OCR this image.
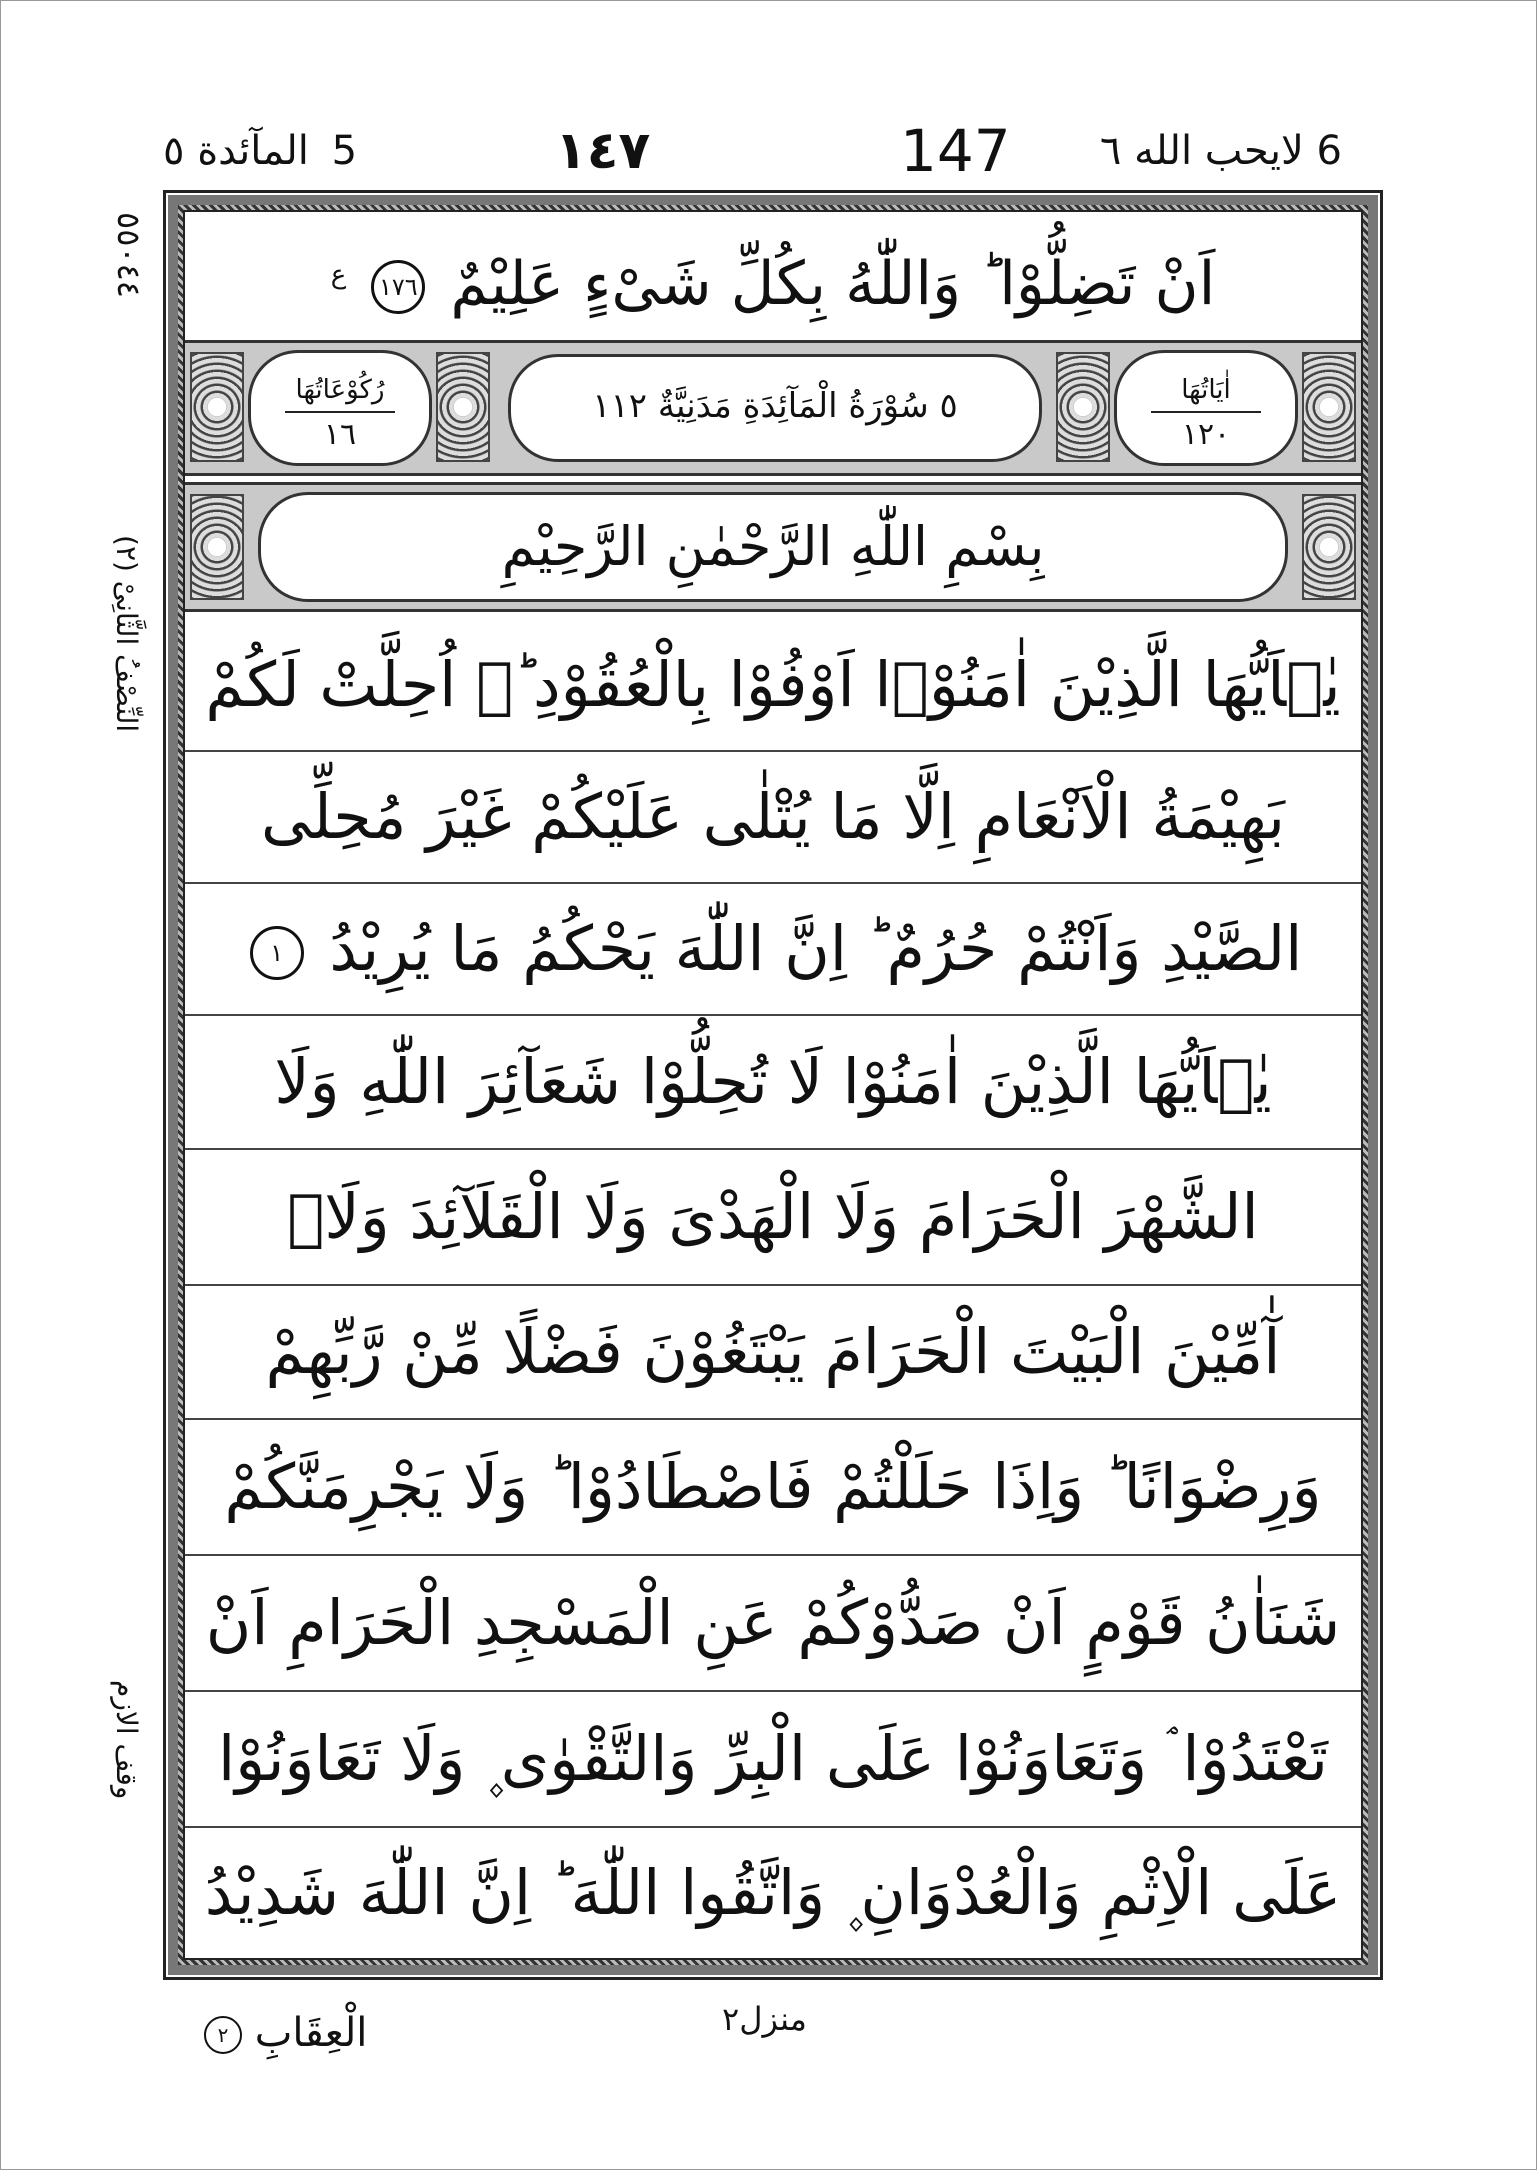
5 المآئدة ٥	١٤٧	147	6 لايحب الله ٦
اَنْ تَضِلُّوْا ؕ وَاللّٰهُ بِكُلِّ شَیْءٍ عَلِیْمٌ ١٧٦ $^ع$
رُكُوْعَاتُهَا
١٦
٥ سُوْرَةُ الْمَآئِدَةِ مَدَنِیَّةٌ ١١٢	اٰیَاتُهَا
١٢٠
بِسْمِ اللّٰهِ الرَّحْمٰنِ الرَّحِیْمِ
یٰۤاَیُّهَا الَّذِیْنَ اٰمَنُوْۤا اَوْفُوْا بِالْعُقُوْدِ ؕ۬ اُحِلَّتْ لَكُمْ
بَهِیْمَةُ الْاَنْعَامِ اِلَّا مَا یُتْلٰى عَلَیْكُمْ غَیْرَ مُحِلِّی
الصَّیْدِ وَاَنْتُمْ حُرُمٌ ؕ اِنَّ اللّٰهَ یَحْكُمُ مَا یُرِیْدُ ١
یٰۤاَیُّهَا الَّذِیْنَ اٰمَنُوْا لَا تُحِلُّوْا شَعَآئِرَ اللّٰهِ وَلَا
الشَّهْرَ الْحَرَامَ وَلَا الْهَدْیَ وَلَا الْقَلَآئِدَ وَلَاۤ
آٰمِّیْنَ الْبَیْتَ الْحَرَامَ یَبْتَغُوْنَ فَضْلًا مِّنْ رَّبِّهِمْ
وَرِضْوَانًا ؕ وَاِذَا حَلَلْتُمْ فَاصْطَادُوْا ؕ وَلَا یَجْرِمَنَّكُمْ
شَنَاٰنُ قَوْمٍ اَنْ صَدُّوْكُمْ عَنِ الْمَسْجِدِ الْحَرَامِ اَنْ
تَعْتَدُوْا ۘ وَتَعَاوَنُوْا عَلَى الْبِرِّ وَالتَّقْوٰى ۪ وَلَا تَعَاوَنُوْا
عَلَى الْاِثْمِ وَالْعُدْوَانِ ۪ وَاتَّقُوا اللّٰهَ ؕ اِنَّ اللّٰهَ شَدِیْدُ
٥٥٠٤٤
النِّصْفُ الثَّانِیْ (٢)
وقف الازم
الْعِقَابِ ٢	منزل٢
